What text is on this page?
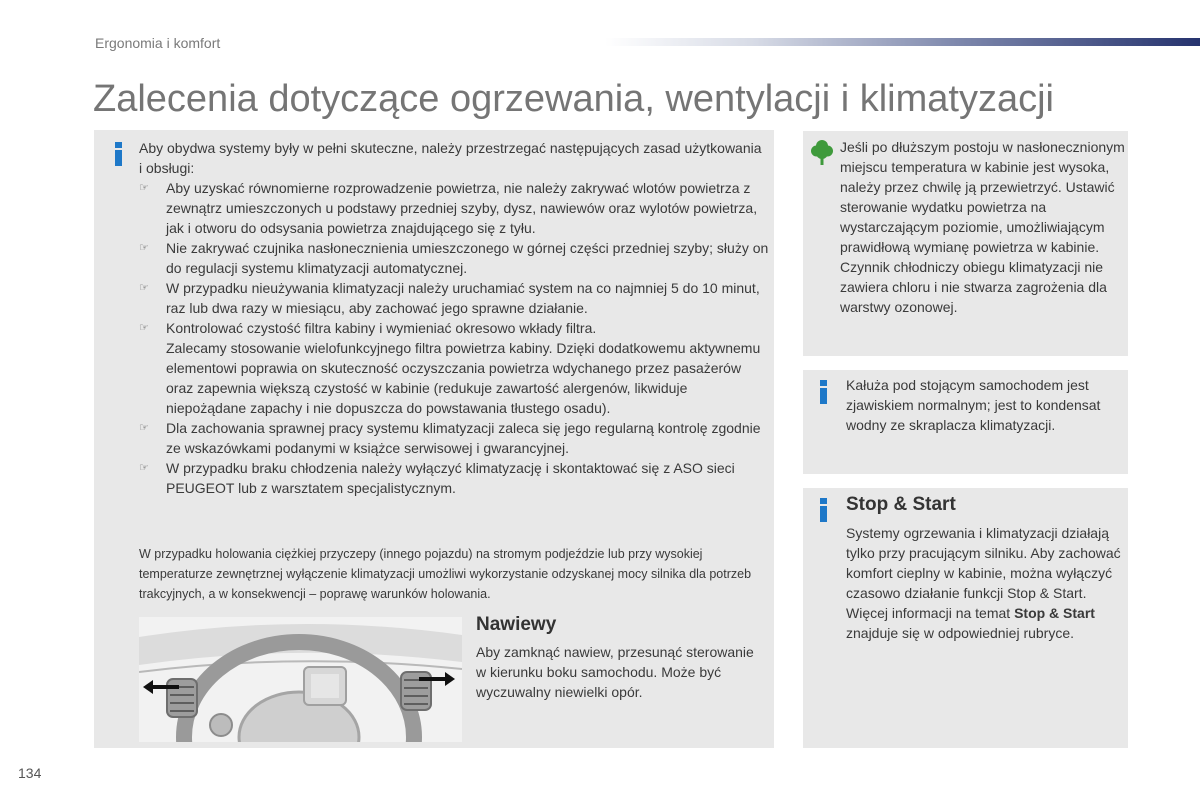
Ergonomia i komfort
Zalecenia dotyczące ogrzewania, wentylacji i klimatyzacji
Aby obydwa systemy były w pełni skuteczne, należy przestrzegać następujących zasad użytkowania i obsługi:
☞ Aby uzyskać równomierne rozprowadzenie powietrza, nie należy zakrywać wlotów powietrza z zewnątrz umieszczonych u podstawy przedniej szyby, dysz, nawiewów oraz wylotów powietrza, jak i otworu do odsysania powietrza znajdującego się z tyłu.
☞ Nie zakrywać czujnika nasłonecznienia umieszczonego w górnej części przedniej szyby; służy on do regulacji systemu klimatyzacji automatycznej.
☞ W przypadku nieużywania klimatyzacji należy uruchamiać system na co najmniej 5 do 10 minut, raz lub dwa razy w miesiącu, aby zachować jego sprawne działanie.
☞ Kontrolować czystość filtra kabiny i wymieniać okresowo wkłady filtra.
Zalecamy stosowanie wielofunkcyjnego filtra powietrza kabiny. Dzięki dodatkowemu aktywnemu elementowi poprawia on skuteczność oczyszczania powietrza wdychanego przez pasażerów oraz zapewnia większą czystość w kabinie (redukuje zawartość alergenów, likwiduje niepożądane zapachy i nie dopuszcza do powstawania tłustego osadu).
☞ Dla zachowania sprawnej pracy systemu klimatyzacji zaleca się jego regularną kontrolę zgodnie ze wskazówkami podanymi w książce serwisowej i gwarancyjnej.
☞ W przypadku braku chłodzenia należy wyłączyć klimatyzację i skontaktować się z ASO sieci PEUGEOT lub z warsztatem specjalistycznym.
W przypadku holowania ciężkiej przyczepy (innego pojazdu) na stromym podjeździe lub przy wysokiej temperaturze zewnętrznej wyłączenie klimatyzacji umożliwi wykorzystanie odzyskanej mocy silnika dla potrzeb trakcyjnych, a w konsekwencji – poprawę warunków holowania.
Nawiewy
Aby zamknąć nawiew, przesunąć sterowanie w kierunku boku samochodu. Może być wyczuwalny niewielki opór.
Jeśli po dłuższym postoju w nasłonecznionym miejscu temperatura w kabinie jest wysoka, należy przez chwilę ją przewietrzyć. Ustawić sterowanie wydatku powietrza na wystarczającym poziomie, umożliwiającym prawidłową wymianę powietrza w kabinie. Czynnik chłodniczy obiegu klimatyzacji nie zawiera chloru i nie stwarza zagrożenia dla warstwy ozonowej.
Kałuża pod stojącym samochodem jest zjawiskiem normalnym; jest to kondensat wodny ze skraplacza klimatyzacji.
Stop & Start
Systemy ogrzewania i klimatyzacji działają tylko przy pracującym silniku. Aby zachować komfort cieplny w kabinie, można wyłączyć czasowo działanie funkcji Stop & Start. Więcej informacji na temat Stop & Start znajduje się w odpowiedniej rubryce.
134
